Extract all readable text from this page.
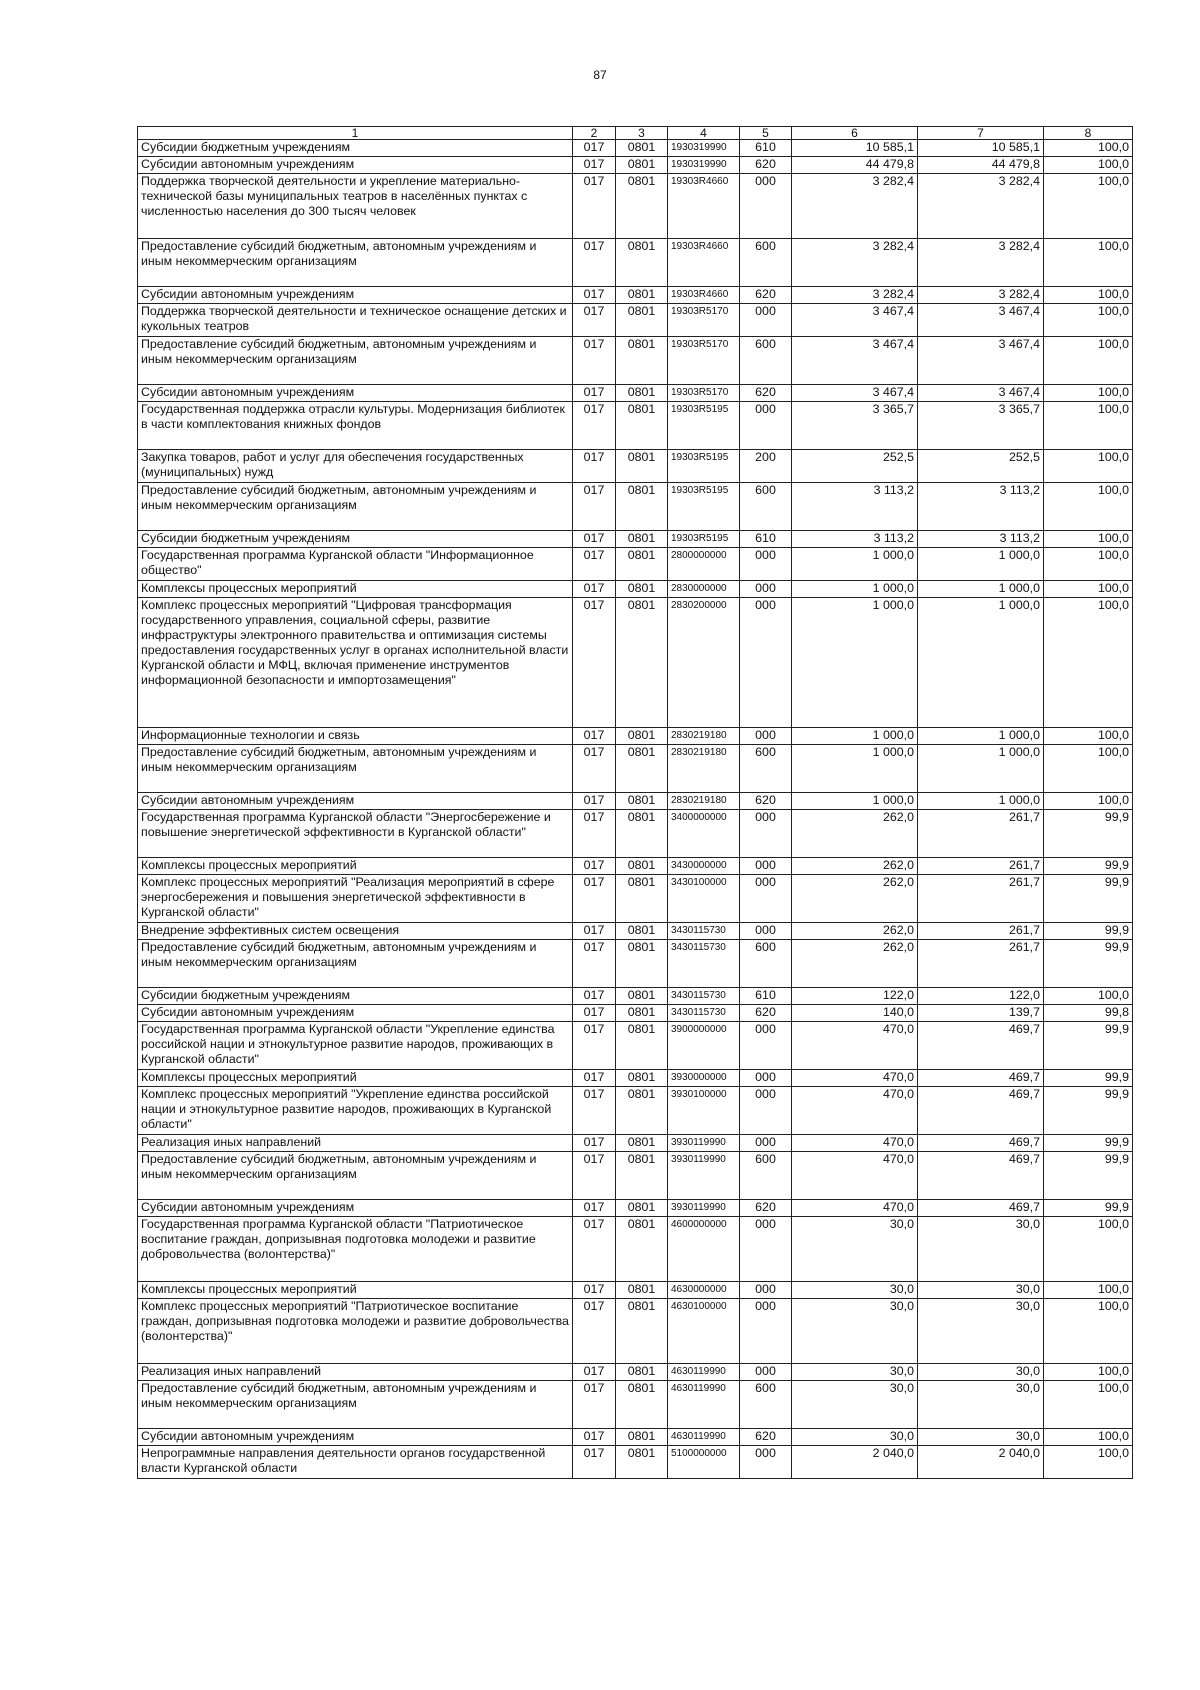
87
1	2	3	4	5	6	7	8

Субсидии бюджетным учреждениям	017	0801	1930319990	610	10 585,1	10 585,1	100,0

Субсидии автономным учреждениям	017	0801	1930319990	620	44 479,8	44 479,8	100,0

Поддержка творческой деятельности и укрепление материально-технической базы муниципальных театров в населённых пунктах с численностью населения до 300 тысяч человек	017	0801	19303R4660	000	3 282,4	3 282,4	100,0

Предоставление субсидий бюджетным, автономным учреждениям и иным некоммерческим организациям	017	0801	19303R4660	600	3 282,4	3 282,4	100,0

Субсидии автономным учреждениям	017	0801	19303R4660	620	3 282,4	3 282,4	100,0

Поддержка творческой деятельности и техническое оснащение детских и кукольных театров	017	0801	19303R5170	000	3 467,4	3 467,4	100,0

Предоставление субсидий бюджетным, автономным учреждениям и иным некоммерческим организациям	017	0801	19303R5170	600	3 467,4	3 467,4	100,0

Субсидии автономным учреждениям	017	0801	19303R5170	620	3 467,4	3 467,4	100,0

Государственная поддержка отрасли культуры. Модернизация библиотек в части комплектования книжных фондов	017	0801	19303R5195	000	3 365,7	3 365,7	100,0

Закупка товаров, работ и услуг для обеспечения государственных (муниципальных) нужд	017	0801	19303R5195	200	252,5	252,5	100,0

Предоставление субсидий бюджетным, автономным учреждениям и иным некоммерческим организациям	017	0801	19303R5195	600	3 113,2	3 113,2	100,0

Субсидии бюджетным учреждениям	017	0801	19303R5195	610	3 113,2	3 113,2	100,0

Государственная программа Курганской области "Информационное общество"	017	0801	2800000000	000	1 000,0	1 000,0	100,0

Комплексы процессных мероприятий	017	0801	2830000000	000	1 000,0	1 000,0	100,0

Комплекс процессных мероприятий "Цифровая трансформация государственного управления, социальной сферы, развитие инфраструктуры электронного правительства и оптимизация системы предоставления государственных услуг в органах исполнительной власти Курганской области и МФЦ, включая применение инструментов информационной безопасности и импортозамещения"	017	0801	2830200000	000	1 000,0	1 000,0	100,0

Информационные технологии и связь	017	0801	2830219180	000	1 000,0	1 000,0	100,0

Предоставление субсидий бюджетным, автономным учреждениям и иным некоммерческим организациям	017	0801	2830219180	600	1 000,0	1 000,0	100,0

Субсидии автономным учреждениям	017	0801	2830219180	620	1 000,0	1 000,0	100,0

Государственная программа Курганской области "Энергосбережение и повышение энергетической эффективности в Курганской области"	017	0801	3400000000	000	262,0	261,7	99,9

Комплексы процессных мероприятий	017	0801	3430000000	000	262,0	261,7	99,9

Комплекс процессных мероприятий "Реализация мероприятий в сфере энергосбережения и повышения энергетической эффективности в Курганской области"	017	0801	3430100000	000	262,0	261,7	99,9

Внедрение эффективных систем освещения	017	0801	3430115730	000	262,0	261,7	99,9

Предоставление субсидий бюджетным, автономным учреждениям и иным некоммерческим организациям	017	0801	3430115730	600	262,0	261,7	99,9

Субсидии бюджетным учреждениям	017	0801	3430115730	610	122,0	122,0	100,0

Субсидии автономным учреждениям	017	0801	3430115730	620	140,0	139,7	99,8

Государственная программа Курганской области "Укрепление единства российской нации и этнокультурное развитие народов, проживающих в Курганской области"	017	0801	3900000000	000	470,0	469,7	99,9

Комплексы процессных мероприятий	017	0801	3930000000	000	470,0	469,7	99,9

Комплекс процессных мероприятий "Укрепление единства российской нации и этнокультурное развитие народов, проживающих в Курганской области"	017	0801	3930100000	000	470,0	469,7	99,9

Реализация иных направлений	017	0801	3930119990	000	470,0	469,7	99,9

Предоставление субсидий бюджетным, автономным учреждениям и иным некоммерческим организациям	017	0801	3930119990	600	470,0	469,7	99,9

Субсидии автономным учреждениям	017	0801	3930119990	620	470,0	469,7	99,9

Государственная программа Курганской области "Патриотическое воспитание граждан, допризывная подготовка молодежи и развитие добровольчества (волонтерства)"	017	0801	4600000000	000	30,0	30,0	100,0

Комплексы процессных мероприятий	017	0801	4630000000	000	30,0	30,0	100,0

Комплекс процессных мероприятий "Патриотическое воспитание граждан, допризывная подготовка молодежи и развитие добровольчества (волонтерства)"	017	0801	4630100000	000	30,0	30,0	100,0

Реализация иных направлений	017	0801	4630119990	000	30,0	30,0	100,0

Предоставление субсидий бюджетным, автономным учреждениям и иным некоммерческим организациям	017	0801	4630119990	600	30,0	30,0	100,0

Субсидии автономным учреждениям	017	0801	4630119990	620	30,0	30,0	100,0

Непрограммные направления деятельности органов государственной власти Курганской области	017	0801	5100000000	000	2 040,0	2 040,0	100,0
